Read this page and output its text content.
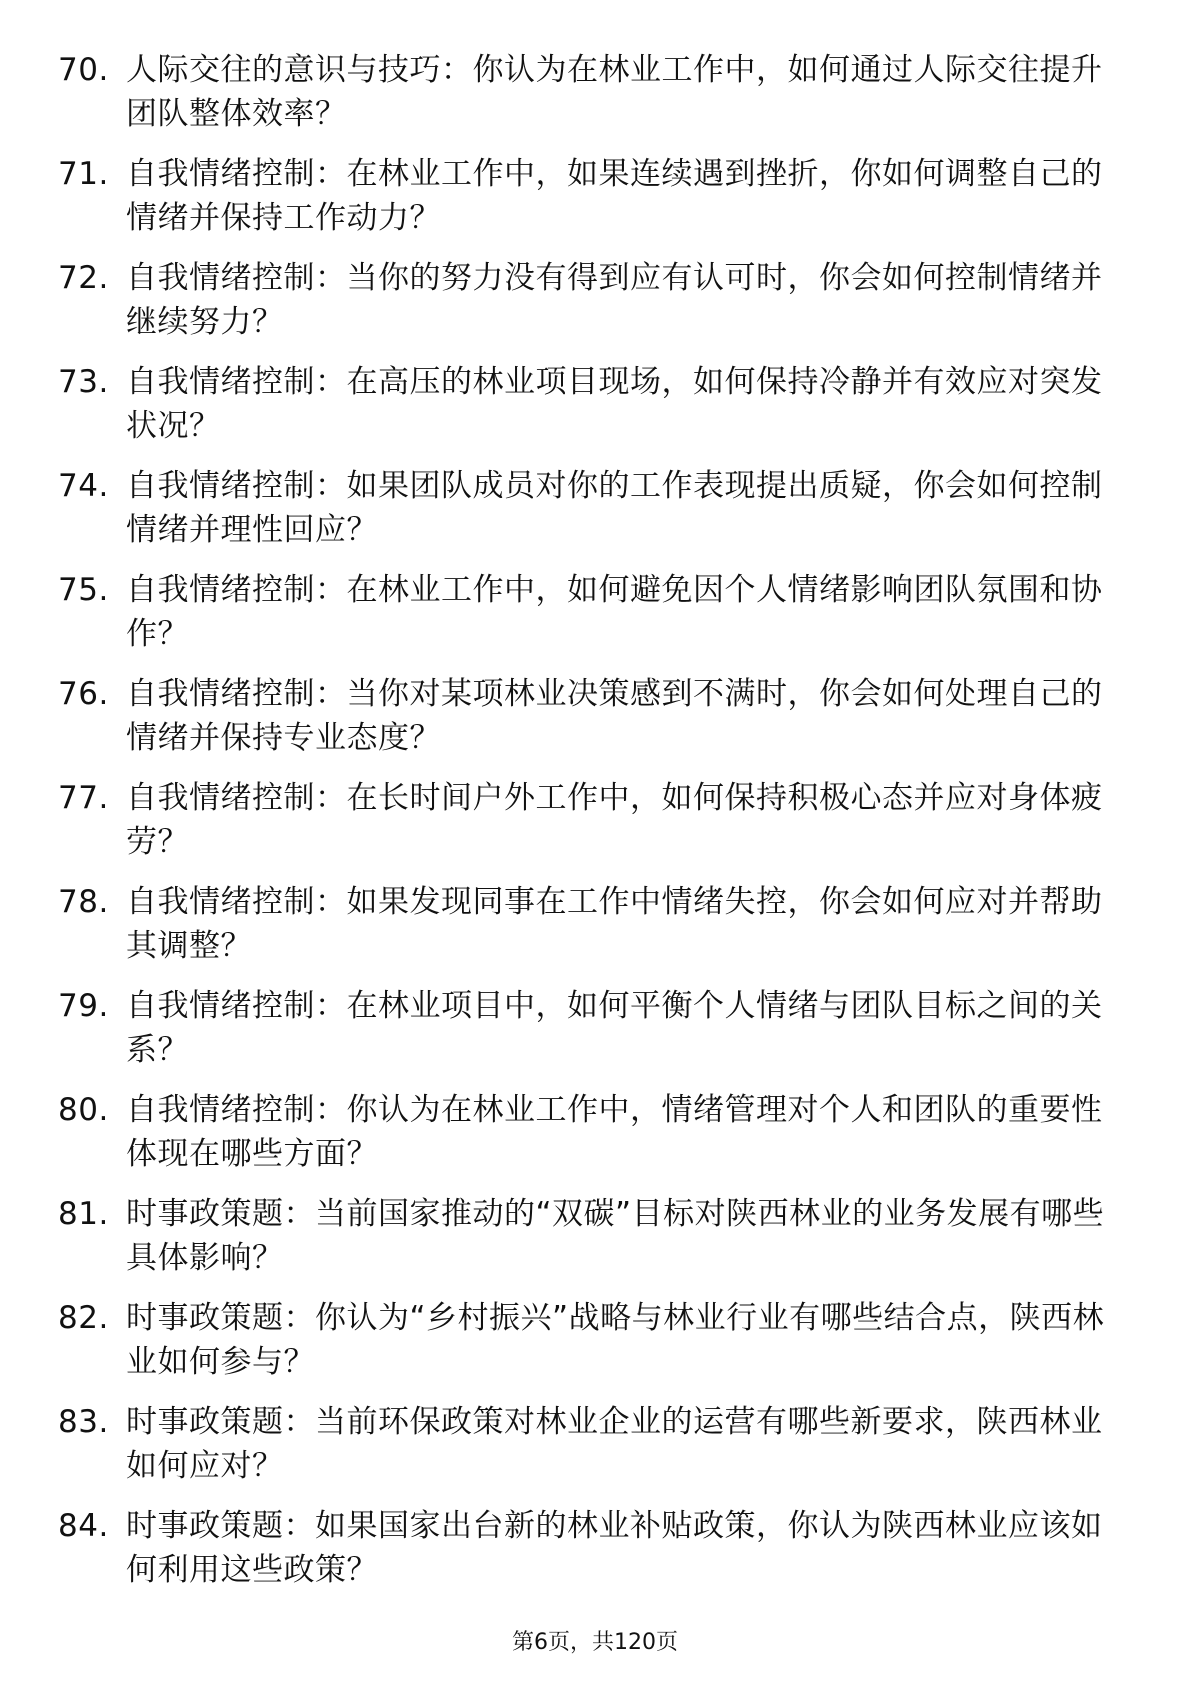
70. 人际交往的意识与技巧：你认为在林业工作中，如何通过人际交往提升团队整体效率？
71. 自我情绪控制：在林业工作中，如果连续遇到挫折，你如何调整自己的情绪并保持工作动力？
72. 自我情绪控制：当你的努力没有得到应有认可时，你会如何控制情绪并继续努力？
73. 自我情绪控制：在高压的林业项目现场，如何保持冷静并有效应对突发状况？
74. 自我情绪控制：如果团队成员对你的工作表现提出质疑，你会如何控制情绪并理性回应？
75. 自我情绪控制：在林业工作中，如何避免因个人情绪影响团队氛围和协作？
76. 自我情绪控制：当你对某项林业决策感到不满时，你会如何处理自己的情绪并保持专业态度？
77. 自我情绪控制：在长时间户外工作中，如何保持积极心态并应对身体疲劳？
78. 自我情绪控制：如果发现同事在工作中情绪失控，你会如何应对并帮助其调整？
79. 自我情绪控制：在林业项目中，如何平衡个人情绪与团队目标之间的关系？
80. 自我情绪控制：你认为在林业工作中，情绪管理对个人和团队的重要性体现在哪些方面？
81. 时事政策题：当前国家推动的“双碳”目标对陕西林业的业务发展有哪些具体影响？
82. 时事政策题：你认为“乡村振兴”战略与林业行业有哪些结合点，陕西林业如何参与？
83. 时事政策题：当前环保政策对林业企业的运营有哪些新要求，陕西林业如何应对？
84. 时事政策题：如果国家出台新的林业补贴政策，你认为陕西林业应该如何利用这些政策？
第6页，共120页
